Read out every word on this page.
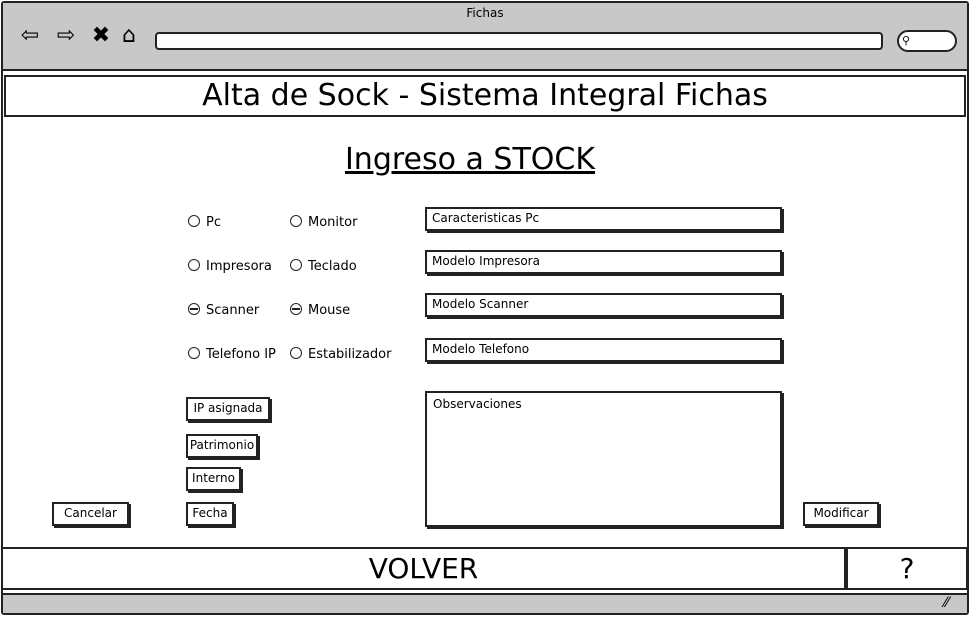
Fichas
⇦ ⇨ ✖ ⌂	⚲
Alta de Sock - Sistema Integral Fichas
Ingreso a STOCK
Pc
Impresora
Scanner
Telefono IP
Monitor
Teclado
Mouse
Estabilizador
Caracteristicas Pc
Modelo Impresora
Modelo Scanner
Modelo Telefono
Observaciones
IP asignada
Patrimonio
Interno
Fecha
Cancelar	Modificar
VOLVER	?
⁄⁄
